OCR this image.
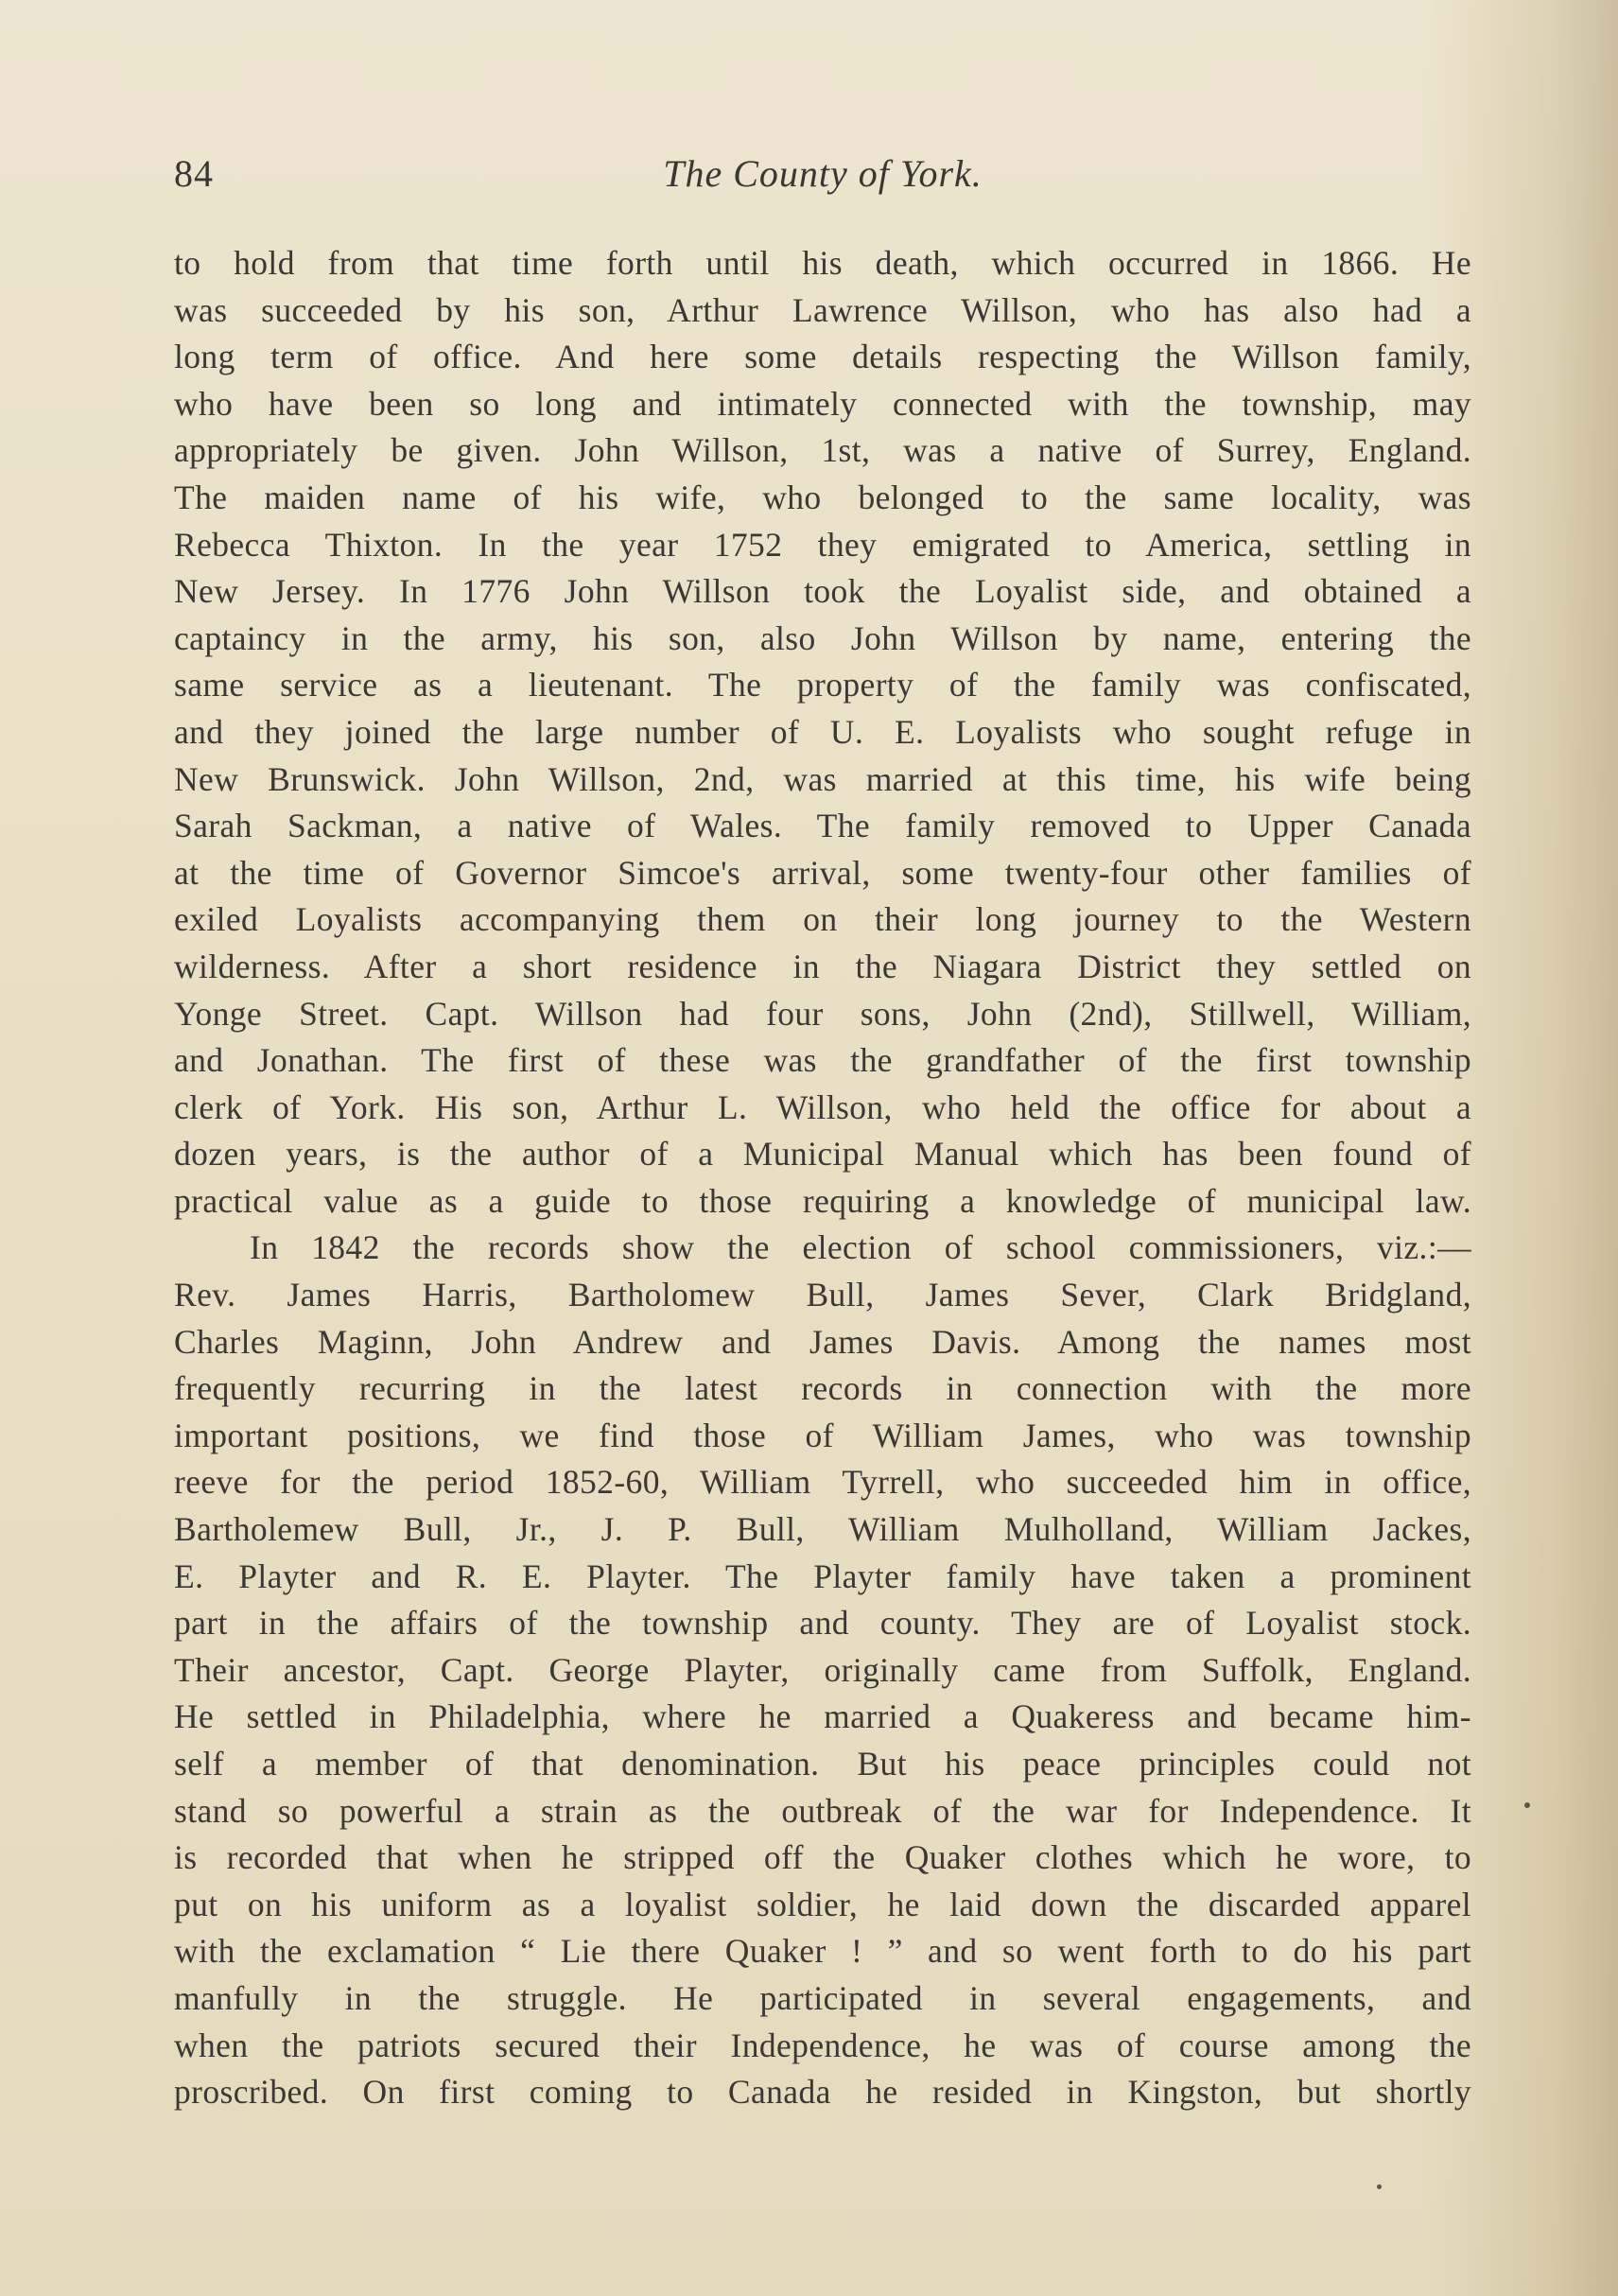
84	The County of York.
to hold from that time forth until his death, which occurred in 1866. He
was succeeded by his son, Arthur Lawrence Willson, who has also had a
long term of office. And here some details respecting the Willson family,
who have been so long and intimately connected with the township, may
appropriately be given. John Willson, 1st, was a native of Surrey, England.
The maiden name of his wife, who belonged to the same locality, was
Rebecca Thixton. In the year 1752 they emigrated to America, settling in
New Jersey. In 1776 John Willson took the Loyalist side, and obtained a
captaincy in the army, his son, also John Willson by name, entering the
same service as a lieutenant. The property of the family was confiscated,
and they joined the large number of U. E. Loyalists who sought refuge in
New Brunswick. John Willson, 2nd, was married at this time, his wife being
Sarah Sackman, a native of Wales. The family removed to Upper Canada
at the time of Governor Simcoe's arrival, some twenty-four other families of
exiled Loyalists accompanying them on their long journey to the Western
wilderness. After a short residence in the Niagara District they settled on
Yonge Street. Capt. Willson had four sons, John (2nd), Stillwell, William,
and Jonathan. The first of these was the grandfather of the first township
clerk of York. His son, Arthur L. Willson, who held the office for about a
dozen years, is the author of a Municipal Manual which has been found of
practical value as a guide to those requiring a knowledge of municipal law.
In 1842 the records show the election of school commissioners, viz.:—
Rev. James Harris, Bartholomew Bull, James Sever, Clark Bridgland,
Charles Maginn, John Andrew and James Davis. Among the names most
frequently recurring in the latest records in connection with the more
important positions, we find those of William James, who was township
reeve for the period 1852-60, William Tyrrell, who succeeded him in office,
Bartholemew Bull, Jr., J. P. Bull, William Mulholland, William Jackes,
E. Playter and R. E. Playter. The Playter family have taken a prominent
part in the affairs of the township and county. They are of Loyalist stock.
Their ancestor, Capt. George Playter, originally came from Suffolk, England.
He settled in Philadelphia, where he married a Quakeress and became him-
self a member of that denomination. But his peace principles could not
stand so powerful a strain as the outbreak of the war for Independence. It
is recorded that when he stripped off the Quaker clothes which he wore, to
put on his uniform as a loyalist soldier, he laid down the discarded apparel
with the exclamation “ Lie there Quaker ! ” and so went forth to do his part
manfully in the struggle. He participated in several engagements, and
when the patriots secured their Independence, he was of course among the
proscribed. On first coming to Canada he resided in Kingston, but shortly
